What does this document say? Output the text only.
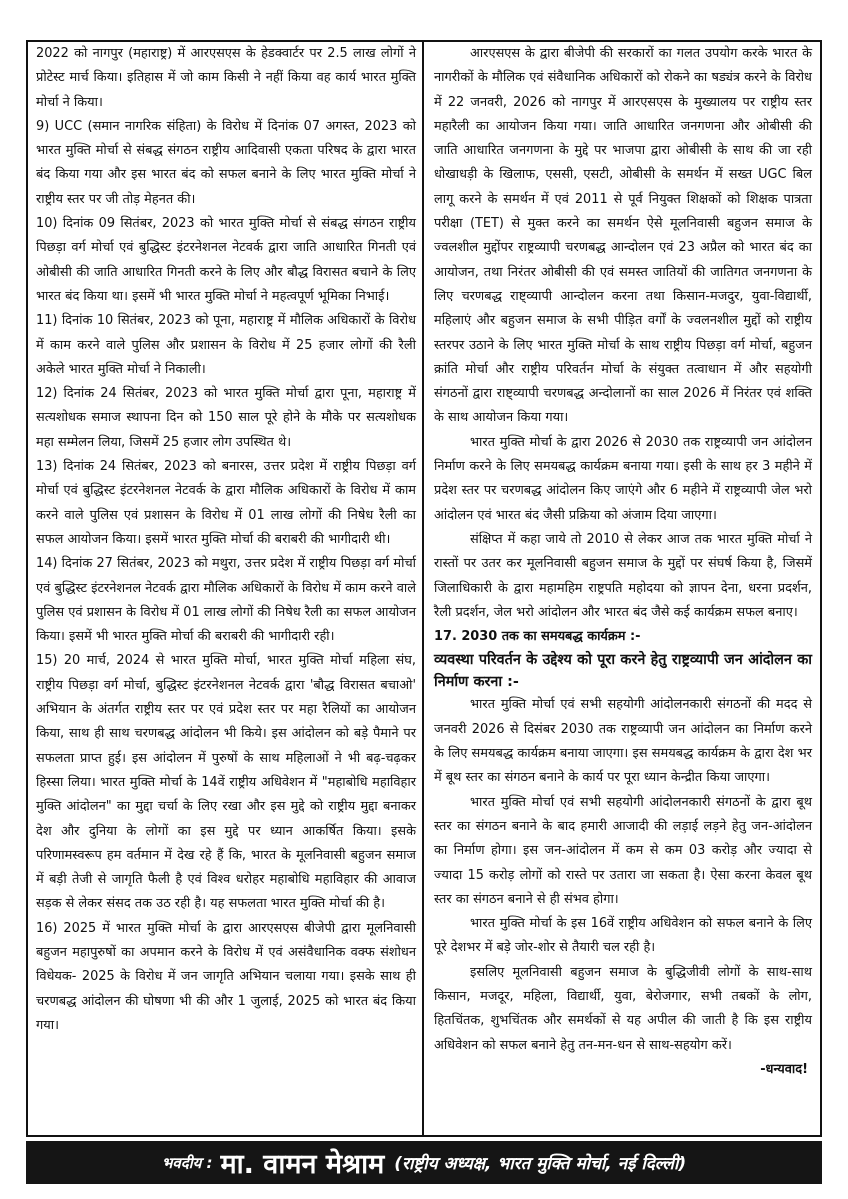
2022 को नागपुर (महाराष्ट्र) में आरएसएस के हेडक्वार्टर पर 2.5 लाख लोगों ने प्रोटेस्ट मार्च किया। इतिहास में जो काम किसी ने नहीं किया वह कार्य भारत मुक्ति मोर्चा ने किया।

9) UCC (समान नागरिक संहिता) के विरोध में दिनांक 07 अगस्त, 2023 को भारत मुक्ति मोर्चा से संबद्ध संगठन राष्ट्रीय आदिवासी एकता परिषद के द्वारा भारत बंद किया गया और इस भारत बंद को सफल बनाने के लिए भारत मुक्ति मोर्चा ने राष्ट्रीय स्तर पर जी तोड़ मेहनत की।

10) दिनांक 09 सितंबर, 2023 को भारत मुक्ति मोर्चा से संबद्ध संगठन राष्ट्रीय पिछड़ा वर्ग मोर्चा एवं बुद्धिस्ट इंटरनेशनल नेटवर्क द्वारा जाति आधारित गिनती एवं ओबीसी की जाति आधारित गिनती करने के लिए और बौद्ध विरासत बचाने के लिए भारत बंद किया था। इसमें भी भारत मुक्ति मोर्चा ने महत्वपूर्ण भूमिका निभाई।

11) दिनांक 10 सितंबर, 2023 को पूना, महाराष्ट्र में मौलिक अधिकारों के विरोध में काम करने वाले पुलिस और प्रशासन के विरोध में 25 हजार लोगों की रैली अकेले भारत मुक्ति मोर्चा ने निकाली।

12) दिनांक 24 सितंबर, 2023 को भारत मुक्ति मोर्चा द्वारा पूना, महाराष्ट्र में सत्यशोधक समाज स्थापना दिन को 150 साल पूरे होने के मौके पर सत्यशोधक महा सम्मेलन लिया, जिसमें 25 हजार लोग उपस्थित थे।

13) दिनांक 24 सितंबर, 2023 को बनारस, उत्तर प्रदेश में राष्ट्रीय पिछड़ा वर्ग मोर्चा एवं बुद्धिस्ट इंटरनेशनल नेटवर्क के द्वारा मौलिक अधिकारों के विरोध में काम करने वाले पुलिस एवं प्रशासन के विरोध में 01 लाख लोगों की निषेध रैली का सफल आयोजन किया। इसमें भारत मुक्ति मोर्चा की बराबरी की भागीदारी थी।

14) दिनांक 27 सितंबर, 2023 को मथुरा, उत्तर प्रदेश में राष्ट्रीय पिछड़ा वर्ग मोर्चा एवं बुद्धिस्ट इंटरनेशनल नेटवर्क द्वारा मौलिक अधिकारों के विरोध में काम करने वाले पुलिस एवं प्रशासन के विरोध में 01 लाख लोगों की निषेध रैली का सफल आयोजन किया। इसमें भी भारत मुक्ति मोर्चा की बराबरी की भागीदारी रही।

15) 20 मार्च, 2024 से भारत मुक्ति मोर्चा, भारत मुक्ति मोर्चा महिला संघ, राष्ट्रीय पिछड़ा वर्ग मोर्चा, बुद्धिस्ट इंटरनेशनल नेटवर्क द्वारा 'बौद्ध विरासत बचाओ' अभियान के अंतर्गत राष्ट्रीय स्तर पर एवं प्रदेश स्तर पर महा रैलियों का आयोजन किया, साथ ही साथ चरणबद्ध आंदोलन भी किये। इस आंदोलन को बड़े पैमाने पर सफलता प्राप्त हुई। इस आंदोलन में पुरुषों के साथ महिलाओं ने भी बढ़-चढ़कर हिस्सा लिया। भारत मुक्ति मोर्चा के 14वें राष्ट्रीय अधिवेशन में "महाबोधि महाविहार मुक्ति आंदोलन" का मुद्दा चर्चा के लिए रखा और इस मुद्दे को राष्ट्रीय मुद्दा बनाकर देश और दुनिया के लोगों का इस मुद्दे पर ध्यान आकर्षित किया। इसके परिणामस्वरूप हम वर्तमान में देख रहे हैं कि, भारत के मूलनिवासी बहुजन समाज में बड़ी तेजी से जागृति फैली है एवं विश्व धरोहर महाबोधि महाविहार की आवाज सड़क से लेकर संसद तक उठ रही है। यह सफलता भारत मुक्ति मोर्चा की है।

16) 2025 में भारत मुक्ति मोर्चा के द्वारा आरएसएस बीजेपी द्वारा मूलनिवासी बहुजन महापुरुषों का अपमान करने के विरोध में एवं असंवैधानिक वक्फ संशोधन विधेयक- 2025 के विरोध में जन जागृति अभियान चलाया गया। इसके साथ ही चरणबद्ध आंदोलन की घोषणा भी की और 1 जुलाई, 2025 को भारत बंद किया गया।

आरएसएस के द्वारा बीजेपी की सरकारों का गलत उपयोग करके भारत के नागरीकों के मौलिक एवं संवैधानिक अधिकारों को रोकने का षड्यंत्र करने के विरोध में 22 जनवरी, 2026 को नागपुर में आरएसएस के मुख्यालय पर राष्ट्रीय स्तर महारैली का आयोजन किया गया। जाति आधारित जनगणना और ओबीसी की जाति आधारित जनगणना के मुद्दे पर भाजपा द्वारा ओबीसी के साथ की जा रही धोखाधड़ी के खिलाफ, एससी, एसटी, ओबीसी के समर्थन में सख्त UGC बिल लागू करने के समर्थन में एवं 2011 से पूर्व नियुक्त शिक्षकों को शिक्षक पात्रता परीक्षा (TET) से मुक्त करने का समर्थन ऐसे मूलनिवासी बहुजन समाज के ज्वलशील मुद्दोंपर राष्ट्रव्यापी चरणबद्ध आन्दोलन एवं 23 अप्रैल को भारत बंद का आयोजन, तथा निरंतर ओबीसी की एवं समस्त जातियों की जातिगत जनगणना के लिए चरणबद्ध राष्ट्व्यापी आन्दोलन करना तथा किसान-मजदुर, युवा-विद्यार्थी, महिलाएं और बहुजन समाज के सभी पीड़ित वर्गों के ज्वलनशील मुद्दों को राष्ट्रीय स्तरपर उठाने के लिए भारत मुक्ति मोर्चा के साथ राष्ट्रीय पिछड़ा वर्ग मोर्चा, बहुजन क्रांति मोर्चा और राष्ट्रीय परिवर्तन मोर्चा के संयुक्त तत्वाधान में और सहयोगी संगठनों द्वारा राष्ट्व्यापी चरणबद्ध अन्दोलानों का साल 2026 में निरंतर एवं शक्ति के साथ आयोजन किया गया।

भारत मुक्ति मोर्चा के द्वारा 2026 से 2030 तक राष्ट्रव्यापी जन आंदोलन निर्माण करने के लिए समयबद्ध कार्यक्रम बनाया गया। इसी के साथ हर 3 महीने में प्रदेश स्तर पर चरणबद्ध आंदोलन किए जाएंगे और 6 महीने में राष्ट्रव्यापी जेल भरो आंदोलन एवं भारत बंद जैसी प्रक्रिया को अंजाम दिया जाएगा।

संक्षिप्त में कहा जाये तो 2010 से लेकर आज तक भारत मुक्ति मोर्चा ने रास्तों पर उतर कर मूलनिवासी बहुजन समाज के मुद्दों पर संघर्ष किया है, जिसमें जिलाधिकारी के द्वारा महामहिम राष्ट्रपति महोदया को ज्ञापन देना, धरना प्रदर्शन, रैली प्रदर्शन, जेल भरो आंदोलन और भारत बंद जैसे कई कार्यक्रम सफल बनाए।

17. 2030 तक का समयबद्ध कार्यक्रम :-

व्यवस्था परिवर्तन के उद्देश्य को पूरा करने हेतु राष्ट्रव्यापी जन आंदोलन का निर्माण करना :-

भारत मुक्ति मोर्चा एवं सभी सहयोगी आंदोलनकारी संगठनों की मदद से जनवरी 2026 से दिसंबर 2030 तक राष्ट्रव्यापी जन आंदोलन का निर्माण करने के लिए समयबद्ध कार्यक्रम बनाया जाएगा। इस समयबद्ध कार्यक्रम के द्वारा देश भर में बूथ स्तर का संगठन बनाने के कार्य पर पूरा ध्यान केन्द्रीत किया जाएगा।

भारत मुक्ति मोर्चा एवं सभी सहयोगी आंदोलनकारी संगठनों के द्वारा बूथ स्तर का संगठन बनाने के बाद हमारी आजादी की लड़ाई लड़ने हेतु जन-आंदोलन का निर्माण होगा। इस जन-आंदोलन में कम से कम 03 करोड़ और ज्यादा से ज्यादा 15 करोड़ लोगों को रास्ते पर उतारा जा सकता है। ऐसा करना केवल बूथ स्तर का संगठन बनाने से ही संभव होगा।

भारत मुक्ति मोर्चा के इस 16वें राष्ट्रीय अधिवेशन को सफल बनाने के लिए पूरे देशभर में बड़े जोर-शोर से तैयारी चल रही है।

इसलिए मूलनिवासी बहुजन समाज के बुद्धिजीवी लोगों के साथ-साथ किसान, मजदूर, महिला, विद्यार्थी, युवा, बेरोजगार, सभी तबकों के लोग, हितचिंतक, शुभचिंतक और समर्थकों से यह अपील की जाती है कि इस राष्ट्रीय अधिवेशन को सफल बनाने हेतु तन-मन-धन से साथ-सहयोग करें।

-धन्यवाद!

भवदीय : मा. वामन मेश्राम (राष्ट्रीय अध्यक्ष, भारत मुक्ति मोर्चा, नई दिल्ली)
